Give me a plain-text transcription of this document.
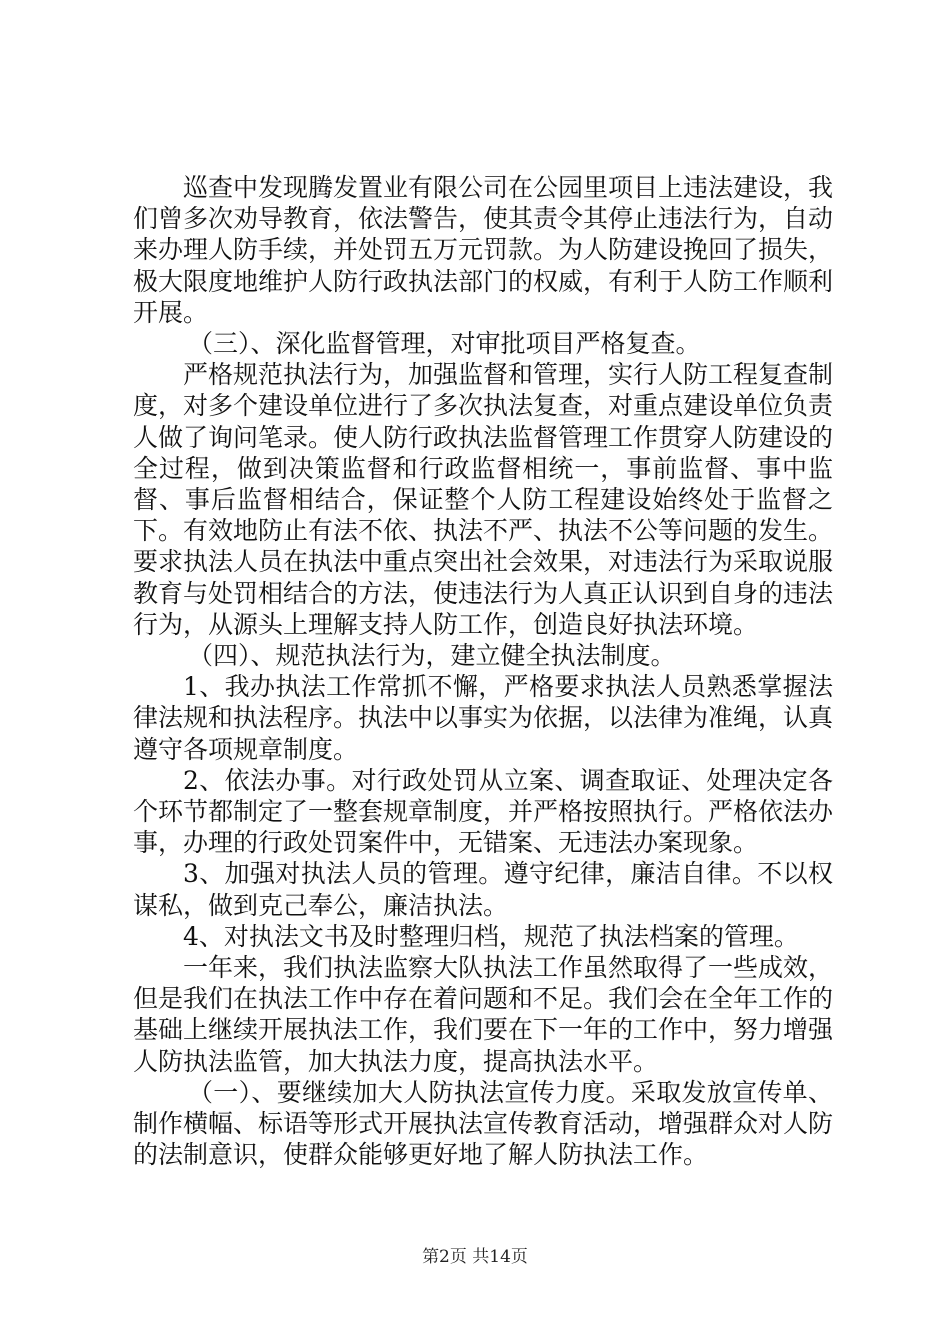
巡查中发现腾发置业有限公司在公园里项目上违法建设，我们曾多次劝导教育，依法警告，使其责令其停止违法行为，自动来办理人防手续，并处罚五万元罚款。为人防建设挽回了损失，极大限度地维护人防行政执法部门的权威，有利于人防工作顺利开展。

（三）、深化监督管理，对审批项目严格复查。

严格规范执法行为，加强监督和管理，实行人防工程复查制度，对多个建设单位进行了多次执法复查，对重点建设单位负责人做了询问笔录。使人防行政执法监督管理工作贯穿人防建设的全过程，做到决策监督和行政监督相统一，事前监督、事中监督、事后监督相结合，保证整个人防工程建设始终处于监督之下。有效地防止有法不依、执法不严、执法不公等问题的发生。要求执法人员在执法中重点突出社会效果，对违法行为采取说服教育与处罚相结合的方法，使违法行为人真正认识到自身的违法行为，从源头上理解支持人防工作，创造良好执法环境。

（四）、规范执法行为，建立健全执法制度。

1、我办执法工作常抓不懈，严格要求执法人员熟悉掌握法律法规和执法程序。执法中以事实为依据，以法律为准绳，认真遵守各项规章制度。

2、依法办事。对行政处罚从立案、调查取证、处理决定各个环节都制定了一整套规章制度，并严格按照执行。严格依法办事，办理的行政处罚案件中，无错案、无违法办案现象。

3、加强对执法人员的管理。遵守纪律，廉洁自律。不以权谋私，做到克己奉公，廉洁执法。

4、对执法文书及时整理归档，规范了执法档案的管理。

一年来，我们执法监察大队执法工作虽然取得了一些成效，但是我们在执法工作中存在着问题和不足。我们会在全年工作的基础上继续开展执法工作，我们要在下一年的工作中，努力增强人防执法监管，加大执法力度，提高执法水平。

（一）、要继续加大人防执法宣传力度。采取发放宣传单、制作横幅、标语等形式开展执法宣传教育活动，增强群众对人防的法制意识，使群众能够更好地了解人防执法工作。

第2页 共14页
